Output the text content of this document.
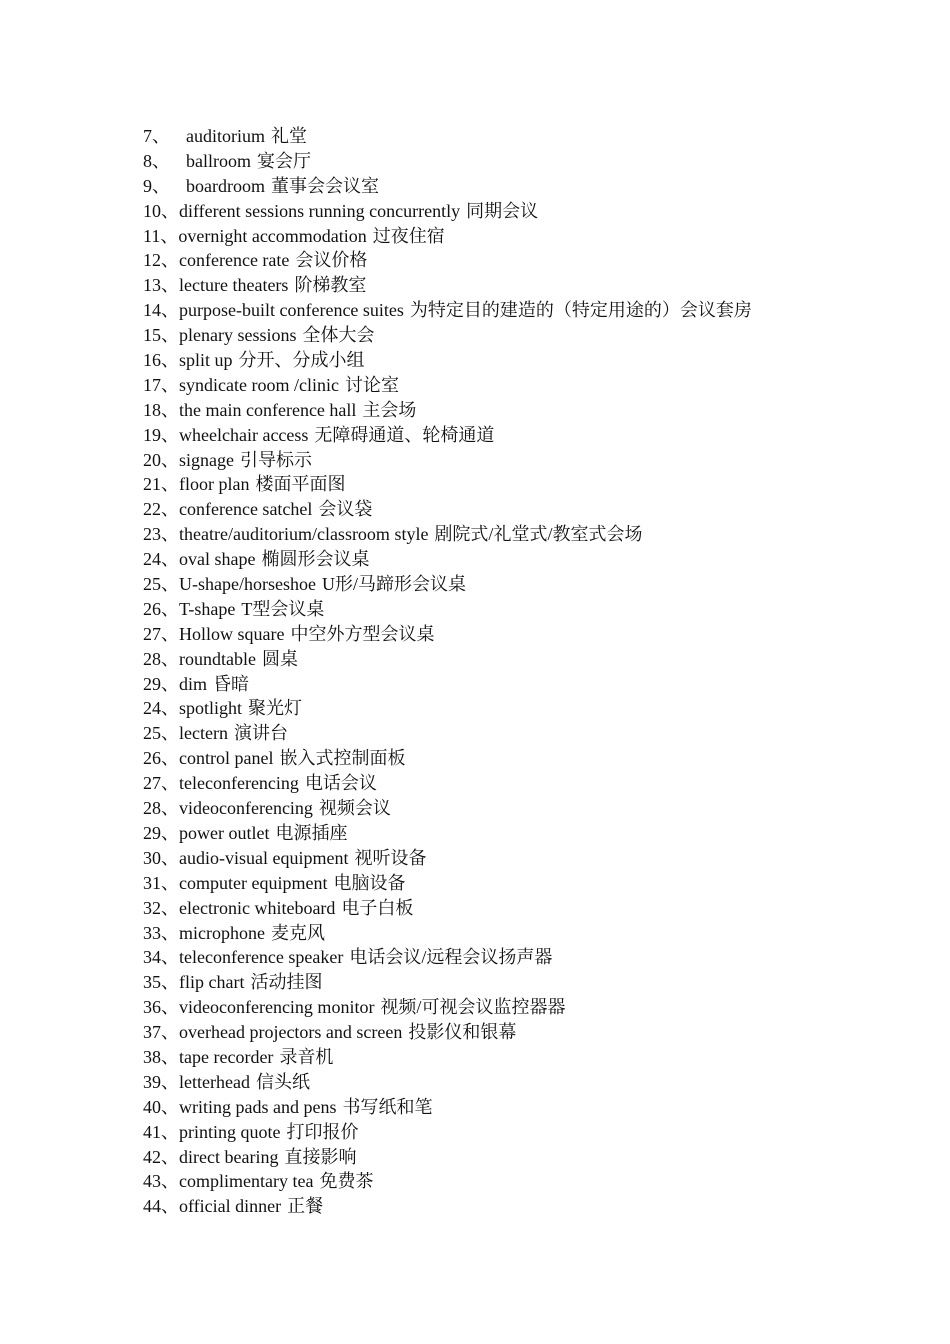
7、 auditorium 礼堂
8、 ballroom 宴会厅
9、 boardroom 董事会会议室
10、different sessions running concurrently 同期会议
11、overnight accommodation 过夜住宿
12、conference rate 会议价格
13、lecture theaters 阶梯教室
14、purpose-built conference suites 为特定目的建造的（特定用途的）会议套房
15、plenary sessions 全体大会
16、split up 分开、分成小组
17、syndicate room /clinic 讨论室
18、the main conference hall 主会场
19、wheelchair access 无障碍通道、轮椅通道
20、signage 引导标示
21、floor plan 楼面平面图
22、conference satchel 会议袋
23、theatre/auditorium/classroom style 剧院式/礼堂式/教室式会场
24、oval shape 椭圆形会议桌
25、U-shape/horseshoe U形/马蹄形会议桌
26、T-shape T型会议桌
27、Hollow square 中空外方型会议桌
28、roundtable 圆桌
29、dim 昏暗
24、spotlight 聚光灯
25、lectern 演讲台
26、control panel 嵌入式控制面板
27、teleconferencing 电话会议
28、videoconferencing 视频会议
29、power outlet 电源插座
30、audio-visual equipment 视听设备
31、computer equipment 电脑设备
32、electronic whiteboard 电子白板
33、microphone 麦克风
34、teleconference speaker 电话会议/远程会议扬声器
35、flip chart 活动挂图
36、videoconferencing monitor 视频/可视会议监控器器
37、overhead projectors and screen 投影仪和银幕
38、tape recorder 录音机
39、letterhead 信头纸
40、writing pads and pens 书写纸和笔
41、printing quote 打印报价
42、direct bearing 直接影响
43、complimentary tea 免费茶
44、official dinner 正餐
